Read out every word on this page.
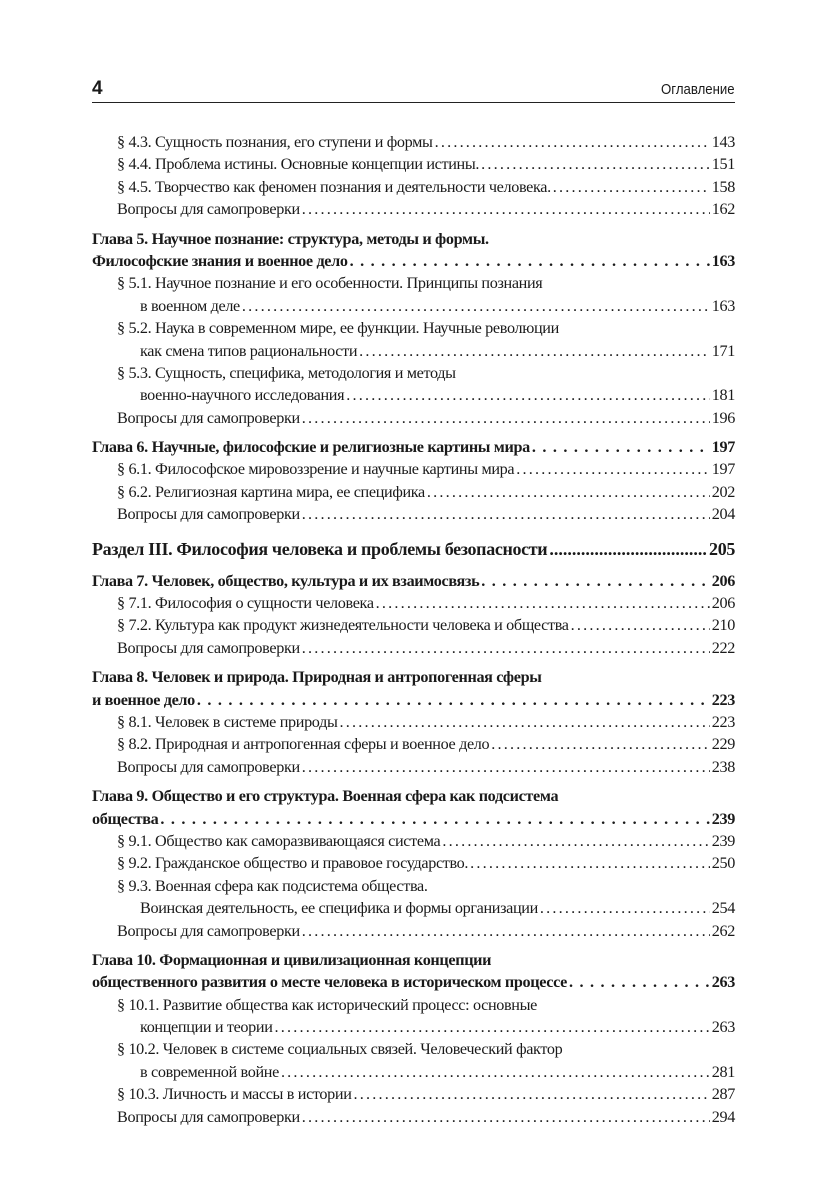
4	Оглавление
§ 4.3. Сущность познания, его ступени и формы .....	143
§ 4.4. Проблема истины. Основные концепции истины. .....	151
§ 4.5. Творчество как феномен познания и деятельности человека. .....	158
Вопросы для самопроверки .....	162
Глава 5. Научное познание: структура, методы и формы.
Философские знания и военное дело . . .	163
§ 5.1. Научное познание и его особенности. Принципы познания
в военном деле .....	163
§ 5.2. Наука в современном мире, ее функции. Научные революции
как смена типов рациональности .....	171
§ 5.3. Сущность, специфика, методология и методы
военно-научного исследования .....	181
Вопросы для самопроверки .....	196
Глава 6. Научные, философские и религиозные картины мира . . .	197
§ 6.1. Философское мировоззрение и научные картины мира .....	197
§ 6.2. Религиозная картина мира, ее специфика .....	202
Вопросы для самопроверки .....	204
Раздел III. Философия человека и проблемы безопасности .....	205
Глава 7. Человек, общество, культура и их взаимосвязь . . .	206
§ 7.1. Философия о сущности человека .....	206
§ 7.2. Культура как продукт жизнедеятельности человека и общества .....	210
Вопросы для самопроверки .....	222
Глава 8. Человек и природа. Природная и антропогенная сферы
и военное дело . . .	223
§ 8.1. Человек в системе природы .....	223
§ 8.2. Природная и антропогенная сферы и военное дело .....	229
Вопросы для самопроверки .....	238
Глава 9. Общество и его структура. Военная сфера как подсистема
общества . . .	239
§ 9.1. Общество как саморазвивающаяся система .....	239
§ 9.2. Гражданское общество и правовое государство. .....	250
§ 9.3. Военная сфера как подсистема общества.
Воинская деятельность, ее специфика и формы организации .....	254
Вопросы для самопроверки .....	262
Глава 10. Формационная и цивилизационная концепции
общественного развития о месте человека в историческом процессе . . .	263
§ 10.1. Развитие общества как исторический процесс: основные
концепции и теории .....	263
§ 10.2. Человек в системе социальных связей. Человеческий фактор
в современной войне .....	281
§ 10.3. Личность и массы в истории .....	287
Вопросы для самопроверки .....	294
